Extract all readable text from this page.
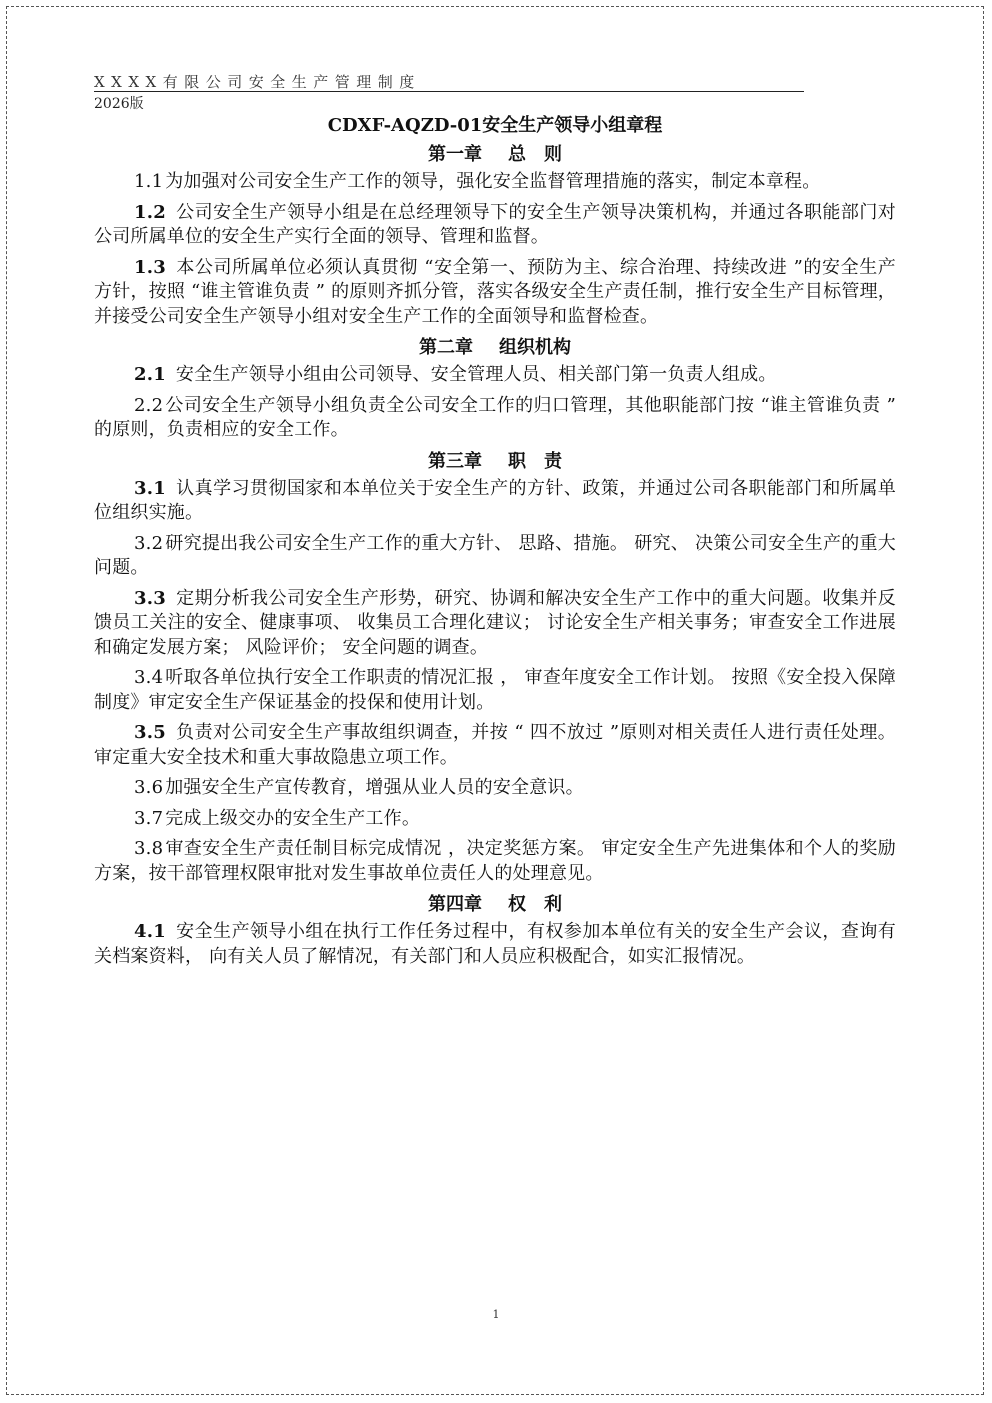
XXXX有限公司安全生产管理制度
2026版
CDXF-AQZD-01安全生产领导小组章程
第一章 总　则

1.1 为加强对公司安全生产工作的领导，强化安全监督管理措施的落实，制定本章程。

1.2 公司安全生产领导小组是在总经理领导下的安全生产领导决策机构，并通过各职能部门对公司所属单位的安全生产实行全面的领导、管理和监督。

1.3 本公司所属单位必须认真贯彻 “安全第一、预防为主、综合治理、持续改进 ”的安全生产方针，按照 “谁主管谁负责 ” 的原则齐抓分管，落实各级安全生产责任制，推行安全生产目标管理，并接受公司安全生产领导小组对安全生产工作的全面领导和监督检查。

第二章 组织机构

2.1 安全生产领导小组由公司领导、安全管理人员、相关部门第一负责人组成。

2.2 公司安全生产领导小组负责全公司安全工作的归口管理，其他职能部门按 “谁主管谁负责 ” 的原则，负责相应的安全工作。

第三章 职　责

3.1 认真学习贯彻国家和本单位关于安全生产的方针、政策，并通过公司各职能部门和所属单位组织实施。

3.2 研究提出我公司安全生产工作的重大方针、 思路、措施。 研究、 决策公司安全生产的重大问题。

3.3 定期分析我公司安全生产形势，研究、协调和解决安全生产工作中的重大问题。收集并反馈员工关注的安全、健康事项、 收集员工合理化建议； 讨论安全生产相关事务；审查安全工作进展和确定发展方案； 风险评价； 安全问题的调查。

3.4 听取各单位执行安全工作职责的情况汇报 ， 审查年度安全工作计划。 按照《安全投入保障制度》审定安全生产保证基金的投保和使用计划。

3.5 负责对公司安全生产事故组织调查，并按 “ 四不放过 ”原则对相关责任人进行责任处理。 审定重大安全技术和重大事故隐患立项工作。

3.6 加强安全生产宣传教育，增强从业人员的安全意识。

3.7 完成上级交办的安全生产工作。

3.8 审查安全生产责任制目标完成情况 ，决定奖惩方案。 审定安全生产先进集体和个人的奖励方案，按干部管理权限审批对发生事故单位责任人的处理意见。

第四章 权　利

4.1 安全生产领导小组在执行工作任务过程中，有权参加本单位有关的安全生产会议，查询有关档案资料， 向有关人员了解情况，有关部门和人员应积极配合，如实汇报情况。

1
